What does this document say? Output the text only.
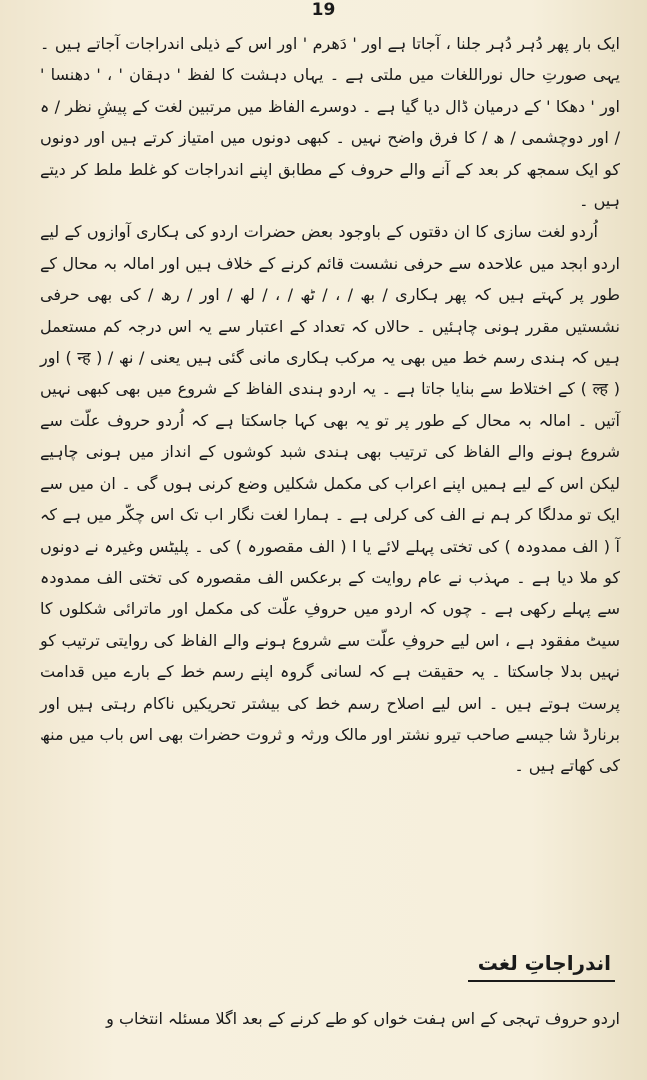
19

ایک بار پھر دُہر دُہر جلنا ، آجاتا ہے اور ' دَھرم ' اور اس کے ذیلی اندراجات آجاتے ہیں ۔ یہی صورتِ حال نوراللغات میں ملتی ہے ۔ یہاں دہشت کا لفظ ' دہقان ' ، ' دھنسا ' اور ' دھکا ' کے درمیان ڈال دیا گیا ہے ۔ دوسرے الفاظ میں مرتبین لغت کے پیشِ نظر / ہ / اور دوچشمی / ھ / کا فرق واضح نہیں ۔ کبھی دونوں میں امتیاز کرتے ہیں اور دونوں کو ایک سمجھ کر بعد کے آنے والے حروف کے مطابق اپنے اندراجات کو غلط ملط کر دیتے ہیں ۔

اُردو لغت سازی کا ان دقتوں کے باوجود بعض حضرات اردو کی ہکاری آوازوں کے لیے اردو ابجد میں علاحدہ سے حرفی نشست قائم کرنے کے خلاف ہیں اور امالہ بہ محال کے طور پر کہتے ہیں کہ پھر ہکاری / بھ / ، / ٹھ / ، / لھ / اور / رھ / کی بھی حرفی نشستیں مقرر ہونی چاہئیں ۔ حالاں کہ تعداد کے اعتبار سے یہ اس درجہ کم مستعمل ہیں کہ ہندی رسم خط میں بھی یہ مرکب ہکاری مانی گئی ہیں یعنی / نھ / ( न्ह ) اور ( ल्ह ) کے اختلاط سے بنایا جاتا ہے ۔ یہ اردو ہندی الفاظ کے شروع میں بھی کبھی نہیں آتیں ۔ امالہ بہ محال کے طور پر تو یہ بھی کہا جاسکتا ہے کہ اُردو حروف علّت سے شروع ہونے والے الفاظ کی ترتیب بھی ہندی شبد کوشوں کے انداز میں ہونی چاہیے لیکن اس کے لیے ہمیں اپنے اعراب کی مکمل شکلیں وضع کرنی ہوں گی ۔ ان میں سے ایک تو مدلگا کر ہم نے الف کی کرلی ہے ۔ ہمارا لغت نگار اب تک اس چکّر میں ہے کہ آ ( الف ممدودہ ) کی تختی پہلے لائے یا ا ( الف مقصورہ ) کی ۔ پلیٹس وغیرہ نے دونوں کو ملا دیا ہے ۔ مہذب نے عام روایت کے برعکس الف مقصورہ کی تختی الف ممدودہ سے پہلے رکھی ہے ۔ چوں کہ اردو میں حروفِ علّت کی مکمل اور ماترائی شکلوں کا سیٹ مفقود ہے ، اس لیے حروفِ علّت سے شروع ہونے والے الفاظ کی روایتی ترتیب کو نہیں بدلا جاسکتا ۔ یہ حقیقت ہے کہ لسانی گروہ اپنے رسم خط کے بارے میں قدامت پرست ہوتے ہیں ۔ اس لیے اصلاح رسم خط کی بیشتر تحریکیں ناکام رہتی ہیں اور برنارڈ شا جیسے صاحب تیرو نشتر اور مالک ورثہ و ثروت حضرات بھی اس باب میں منھ کی کھاتے ہیں ۔

اندراجاتِ لغت
اردو حروف تہجی کے اس ہفت خواں کو طے کرنے کے بعد اگلا مسئلہ انتخاب و
